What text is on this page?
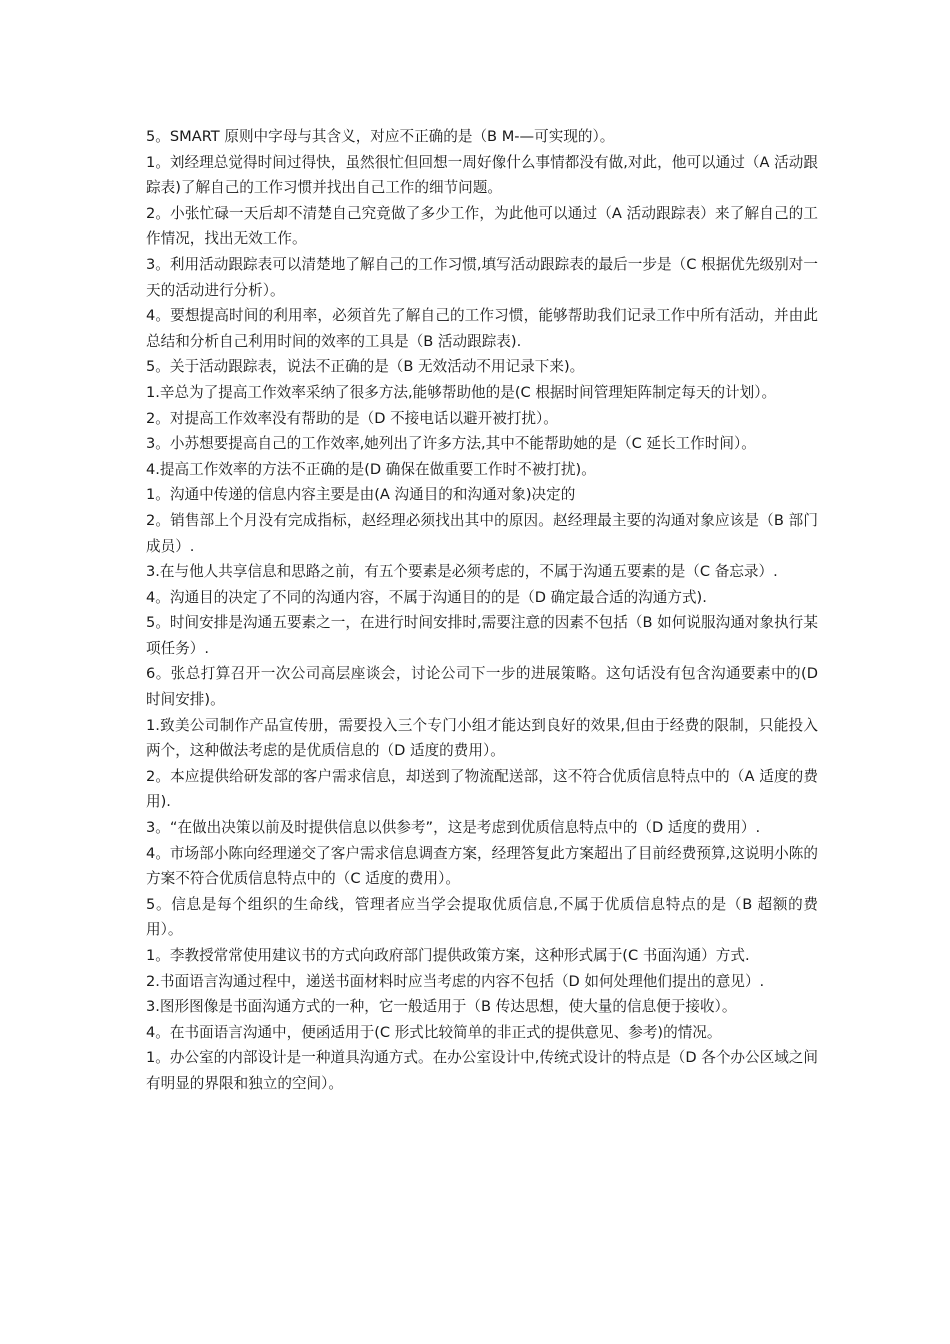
5。SMART 原则中字母与其含义，对应不正确的是（B M-—可实现的）。

1。刘经理总觉得时间过得快，虽然很忙但回想一周好像什么事情都没有做,对此，他可以通过（A 活动跟踪表)了解自己的工作习惯并找出自己工作的细节问题。

2。小张忙碌一天后却不清楚自己究竟做了多少工作，为此他可以通过（A 活动跟踪表）来了解自己的工作情况，找出无效工作。

3。利用活动跟踪表可以清楚地了解自己的工作习惯,填写活动跟踪表的最后一步是（C 根据优先级别对一天的活动进行分析）。

4。要想提高时间的利用率，必须首先了解自己的工作习惯，能够帮助我们记录工作中所有活动，并由此总结和分析自己利用时间的效率的工具是（B 活动跟踪表).

5。关于活动跟踪表，说法不正确的是（B 无效活动不用记录下来)。

1.辛总为了提高工作效率采纳了很多方法,能够帮助他的是(C 根据时间管理矩阵制定每天的计划）。

2。对提高工作效率没有帮助的是（D 不接电话以避开被打扰）。

3。小苏想要提高自己的工作效率,她列出了许多方法,其中不能帮助她的是（C 延长工作时间）。

4.提高工作效率的方法不正确的是(D 确保在做重要工作时不被打扰)。

1。沟通中传递的信息内容主要是由(A 沟通目的和沟通对象)决定的

2。销售部上个月没有完成指标，赵经理必须找出其中的原因。赵经理最主要的沟通对象应该是（B 部门成员）.

3.在与他人共享信息和思路之前，有五个要素是必须考虑的，不属于沟通五要素的是（C 备忘录）.

4。沟通目的决定了不同的沟通内容，不属于沟通目的的是（D 确定最合适的沟通方式).

5。时间安排是沟通五要素之一，在进行时间安排时,需要注意的因素不包括（B 如何说服沟通对象执行某项任务）.

6。张总打算召开一次公司高层座谈会，讨论公司下一步的进展策略。这句话没有包含沟通要素中的(D 时间安排)。

1.致美公司制作产品宣传册，需要投入三个专门小组才能达到良好的效果,但由于经费的限制，只能投入两个，这种做法考虑的是优质信息的（D 适度的费用）。

2。本应提供给研发部的客户需求信息，却送到了物流配送部，这不符合优质信息特点中的（A 适度的费用).

3。“在做出决策以前及时提供信息以供参考”，这是考虑到优质信息特点中的（D 适度的费用）.

4。市场部小陈向经理递交了客户需求信息调查方案，经理答复此方案超出了目前经费预算,这说明小陈的方案不符合优质信息特点中的（C 适度的费用）。

5。信息是每个组织的生命线，管理者应当学会提取优质信息,不属于优质信息特点的是（B 超额的费用）。

1。李教授常常使用建议书的方式向政府部门提供政策方案，这种形式属于(C 书面沟通）方式.

2.书面语言沟通过程中，递送书面材料时应当考虑的内容不包括（D 如何处理他们提出的意见）.

3.图形图像是书面沟通方式的一种，它一般适用于（B 传达思想，使大量的信息便于接收）。

4。在书面语言沟通中，便函适用于(C 形式比较简单的非正式的提供意见、参考)的情况。

1。办公室的内部设计是一种道具沟通方式。在办公室设计中,传统式设计的特点是（D 各个办公区域之间有明显的界限和独立的空间）。
